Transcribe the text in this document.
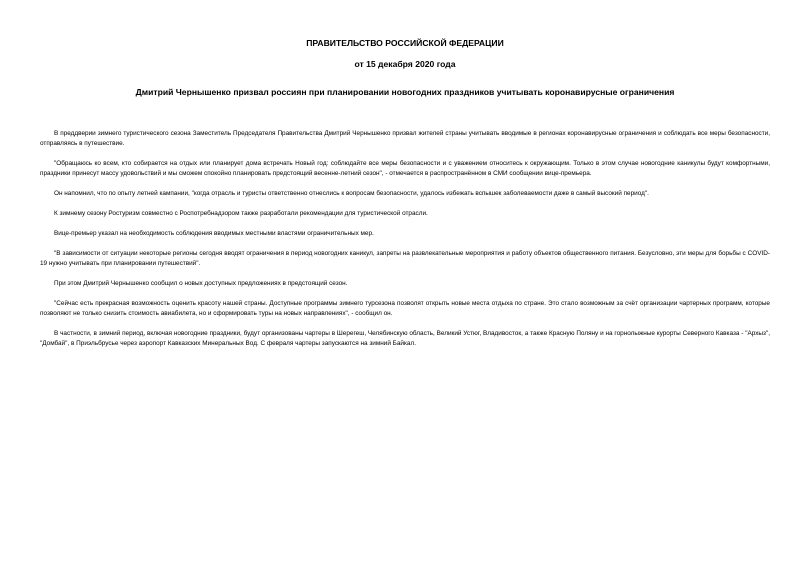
ПРАВИТЕЛЬСТВО РОССИЙСКОЙ ФЕДЕРАЦИИ
от 15 декабря 2020 года
Дмитрий Чернышенко призвал россиян при планировании новогодних праздников учитывать коронавирусные ограничения

В преддверии зимнего туристического сезона Заместитель Председателя Правительства Дмитрий Чернышенко призвал жителей страны учитывать вводимые в регионах коронавирусные ограничения и соблюдать все меры безопасности, отправляясь в путешествие.

"Обращаюсь ко всем, кто собирается на отдых или планирует дома встречать Новый год: соблюдайте все меры безопасности и с уважением относитесь к окружающим. Только в этом случае новогодние каникулы будут комфортными, праздники принесут массу удовольствий и мы сможем спокойно планировать предстоящий весенне-летний сезон", - отмечается в распространённом в СМИ сообщении вице-премьера.

Он напомнил, что по опыту летней кампании, "когда отрасль и туристы ответственно отнеслись к вопросам безопасности, удалось избежать вспышек заболеваемости даже в самый высокий период".

К зимнему сезону Ростуризм совместно с Роспотребнадзором также разработали рекомендации для туристической отрасли.

Вице-премьер указал на необходимость соблюдения вводимых местными властями ограничительных мер.

"В зависимости от ситуации некоторые регионы сегодня вводят ограничения в период новогодних каникул, запреты на развлекательные мероприятия и работу объектов общественного питания. Безусловно, эти меры для борьбы с COVID-19 нужно учитывать при планировании путешествий".

При этом Дмитрий Чернышенко сообщил о новых доступных предложениях в предстоящий сезон.

"Сейчас есть прекрасная возможность оценить красоту нашей страны. Доступные программы зимнего турсезона позволят открыть новые места отдыха по стране. Это стало возможным за счёт организации чартерных программ, которые позволяют не только снизить стоимость авиабилета, но и сформировать туры на новых направлениях", - сообщил он.

В частности, в зимний период, включая новогодние праздники, будут организованы чартеры в Шерегеш, Челябинскую область, Великий Устюг, Владивосток, а также Красную Поляну и на горнолыжные курорты Северного Кавказа - "Архыз", "Домбай", в Приэльбрусье через аэропорт Кавказских Минеральных Вод. С февраля чартеры запускаются на зимний Байкал.
